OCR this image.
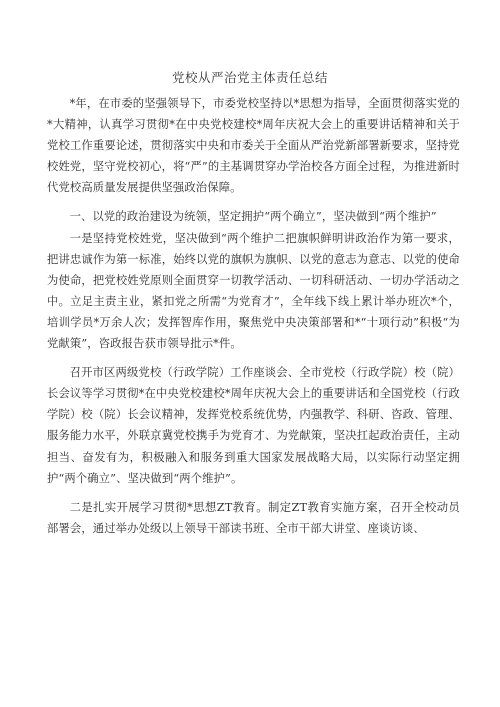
党校从严治党主体责任总结

*年，在市委的坚强领导下，市委党校坚持以*思想为指导，全面贯彻落实党的*大精神，认真学习贯彻*在中央党校建校*周年庆祝大会上的重要讲话精神和关于党校工作重要论述，贯彻落实中央和市委关于全面从严治党新部署新要求，坚持党校姓党，坚守党校初心，将“严”的主基调贯穿办学治校各方面全过程，为推进新时代党校高质量发展提供坚强政治保障。

一、以党的政治建设为统领，坚定拥护“两个确立”，坚决做到“两个维护”

一是坚持党校姓党，坚决做到“两个维护二把旗帜鲜明讲政治作为第一要求，把讲忠诚作为第一标准，始终以党的旗帜为旗帜、以党的意志为意志、以党的使命为使命，把党校姓党原则全面贯穿一切教学活动、一切科研活动、一切办学活动之中。立足主责主业，紧扣党之所需“为党育才”，全年线下线上累计举办班次*个，培训学员*万余人次；发挥智库作用，聚焦党中央决策部署和*“十项行动”积极“为党献策”，咨政报告获市领导批示*件。

召开市区两级党校（行政学院）工作座谈会、全市党校（行政学院）校（院）长会议等学习贯彻*在中央党校建校*周年庆祝大会上的重要讲话和全国党校（行政学院）校（院）长会议精神，发挥党校系统优势，内强教学、科研、咨政、管理、服务能力水平，外联京冀党校携手为党育才、为党献策，坚决扛起政治责任，主动担当、奋发有为，积极融入和服务到重大国家发展战略大局，以实际行动坚定拥护“两个确立”、坚决做到“两个维护”。

二是扎实开展学习贯彻*思想ZT教育。制定ZT教育实施方案，召开全校动员部署会，通过举办处级以上领导干部读书班、全市干部大讲堂、座谈访谈、
